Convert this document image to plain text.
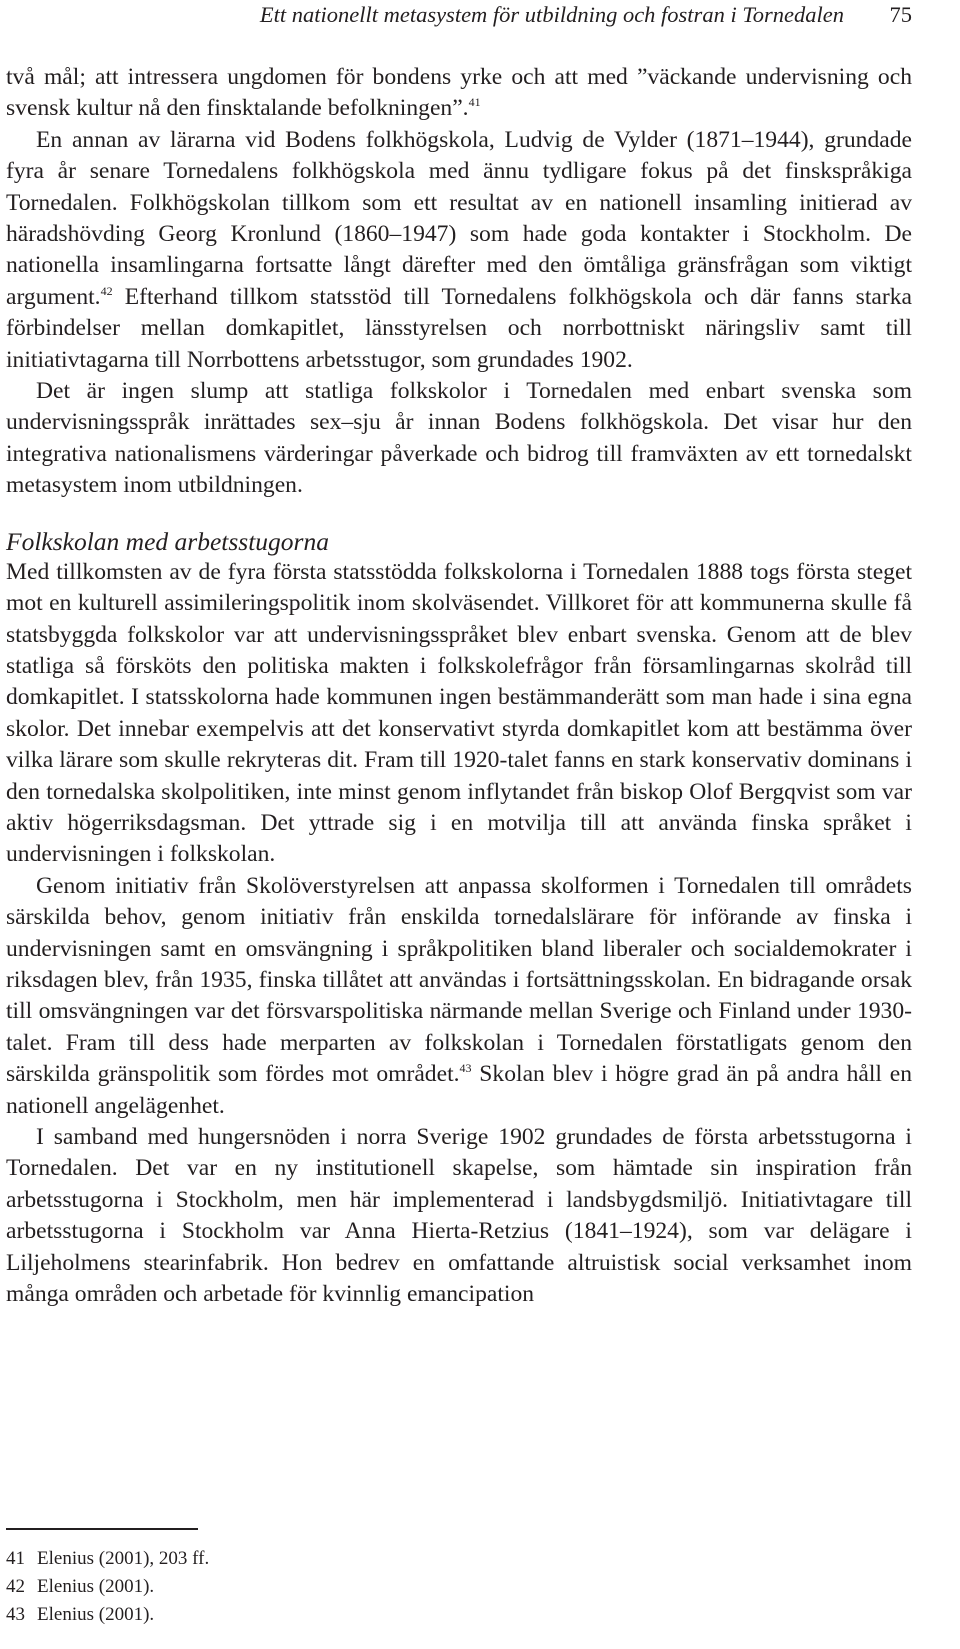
Ett nationellt metasystem för utbildning och fostran i Tornedalen 75

två mål; att intressera ungdomen för bondens yrke och att med ”väckande undervisning och svensk kultur nå den finsktalande befolkningen”.$^{41}$

En annan av lärarna vid Bodens folkhögskola, Ludvig de Vylder (1871–1944), grundade fyra år senare Tornedalens folkhögskola med ännu tydligare fokus på det finskspråkiga Tornedalen. Folkhögskolan tillkom som ett resultat av en nationell insamling initierad av häradshövding Georg Kronlund (1860–1947) som hade goda kontakter i Stockholm. De nationella insamlingarna fortsatte långt därefter med den ömtåliga gränsfrågan som viktigt argument.$^{42}$ Efterhand tillkom statsstöd till Tornedalens folkhögskola och där fanns starka förbindelser mellan domkapitlet, länsstyrelsen och norrbottniskt näringsliv samt till initiativtagarna till Norrbottens arbetsstugor, som grundades 1902.

Det är ingen slump att statliga folkskolor i Tornedalen med enbart svenska som undervisningsspråk inrättades sex–sju år innan Bodens folkhögskola. Det visar hur den integrativa nationalismens värderingar påverkade och bidrog till framväxten av ett tornedalskt metasystem inom utbildningen.

Folkskolan med arbetsstugorna

Med tillkomsten av de fyra första statsstödda folkskolorna i Tornedalen 1888 togs första steget mot en kulturell assimileringspolitik inom skolväsendet. Villkoret för att kommunerna skulle få statsbyggda folkskolor var att undervisningsspråket blev enbart svenska. Genom att de blev statliga så försköts den politiska makten i folkskolefrågor från församlingarnas skolråd till domkapitlet. I statsskolorna hade kommunen ingen bestämmanderätt som man hade i sina egna skolor. Det innebar exempelvis att det konservativt styrda domkapitlet kom att bestämma över vilka lärare som skulle rekryteras dit. Fram till 1920-talet fanns en stark konservativ dominans i den tornedalska skolpolitiken, inte minst genom inflytandet från biskop Olof Bergqvist som var aktiv högerriksdagsman. Det yttrade sig i en motvilja till att använda finska språket i undervisningen i folkskolan.

Genom initiativ från Skolöverstyrelsen att anpassa skolformen i Tornedalen till områdets särskilda behov, genom initiativ från enskilda tornedalslärare för införande av finska i undervisningen samt en omsvängning i språkpolitiken bland liberaler och socialdemokrater i riksdagen blev, från 1935, finska tillåtet att användas i fortsättningsskolan. En bidragande orsak till omsvängningen var det försvarspolitiska närmande mellan Sverige och Finland under 1930-talet. Fram till dess hade merparten av folkskolan i Tornedalen förstatligats genom den särskilda gränspolitik som fördes mot området.$^{43}$ Skolan blev i högre grad än på andra håll en nationell angelägenhet.

I samband med hungersnöden i norra Sverige 1902 grundades de första arbetsstugorna i Tornedalen. Det var en ny institutionell skapelse, som hämtade sin inspiration från arbetsstugorna i Stockholm, men här implementerad i landsbygdsmiljö. Initiativtagare till arbetsstugorna i Stockholm var Anna Hierta-Retzius (1841–1924), som var delägare i Liljeholmens stearinfabrik. Hon bedrev en omfattande altruistisk social verksamhet inom många områden och arbetade för kvinnlig emancipation

41 Elenius (2001), 203 ff.
42 Elenius (2001).
43 Elenius (2001).
